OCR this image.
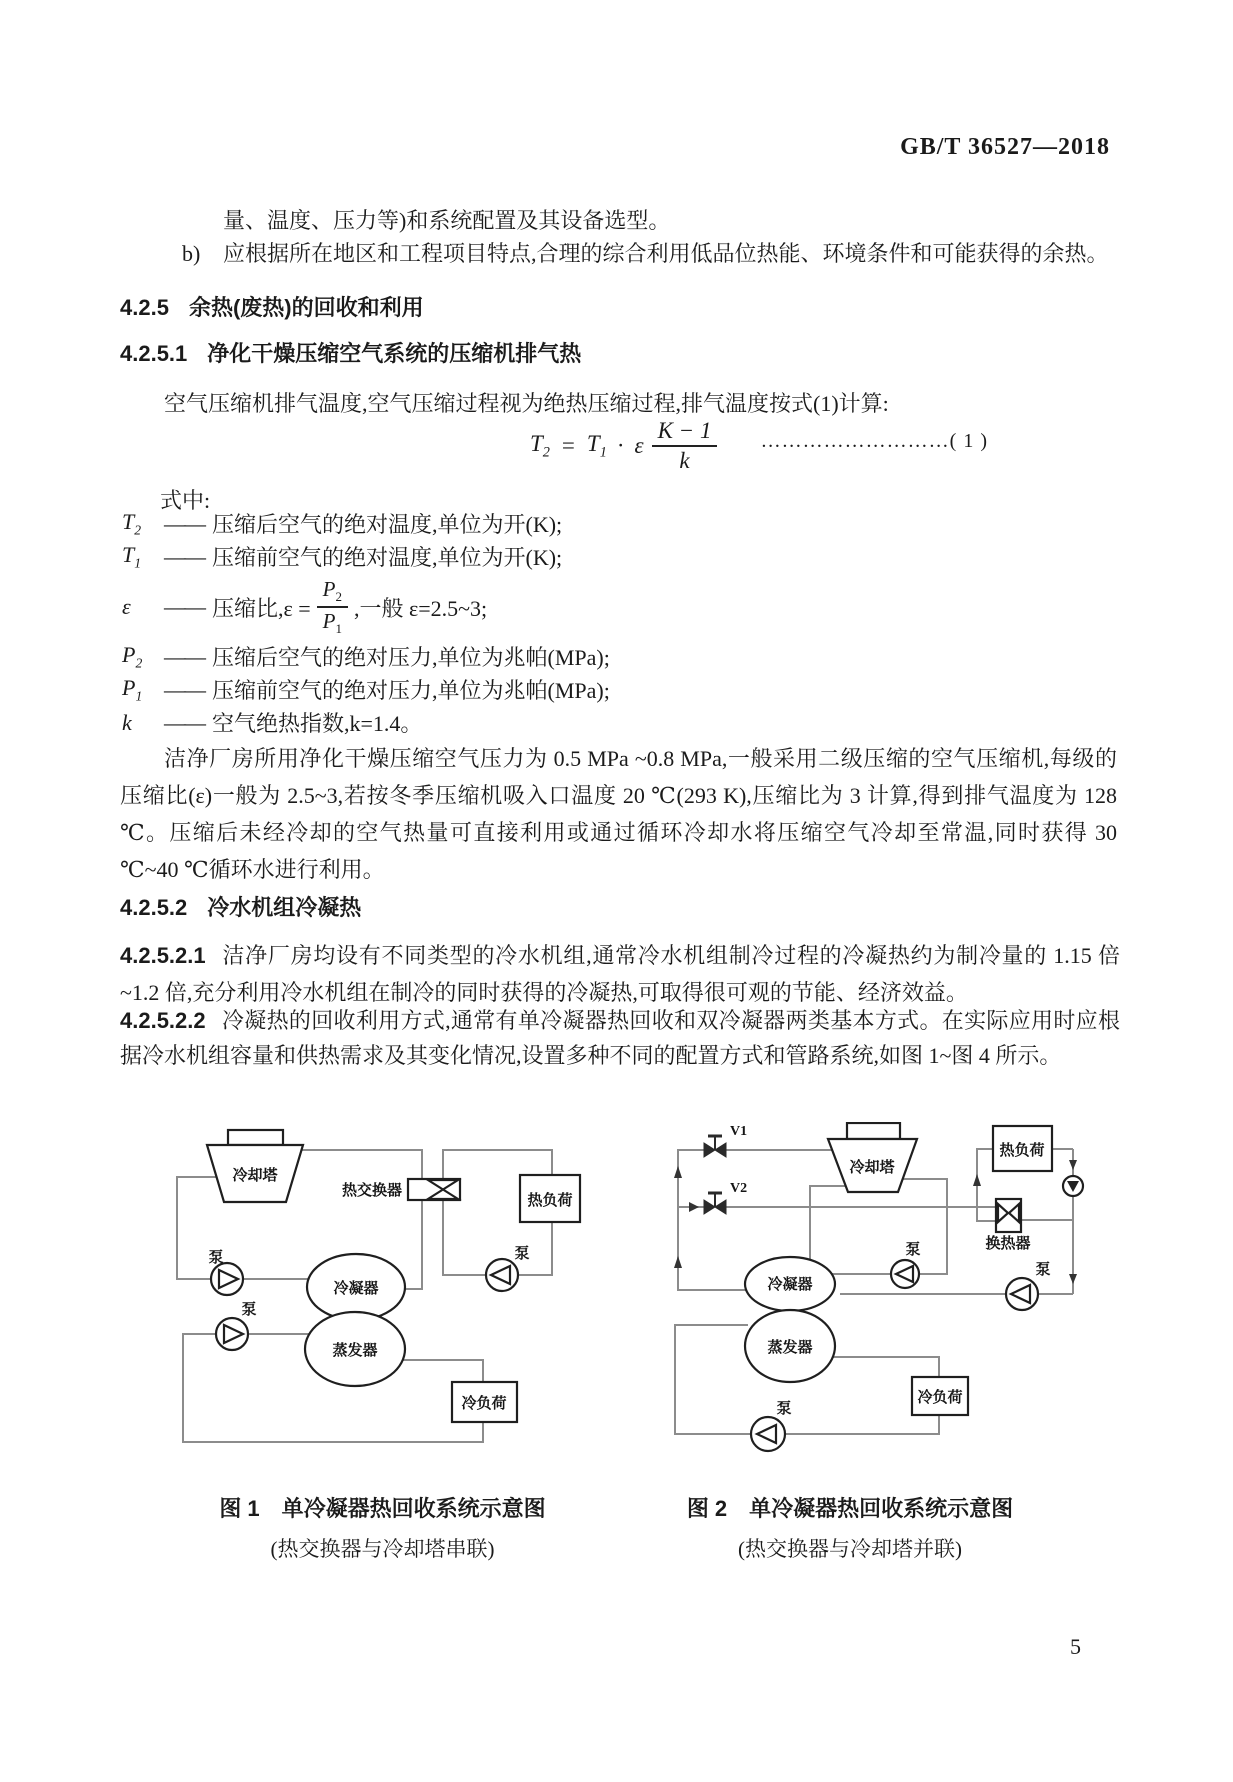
GB/T 36527—2018
量、温度、压力等)和系统配置及其设备选型。
b) 应根据所在地区和工程项目特点,合理的综合利用低品位热能、环境条件和可能获得的余热。
4.2.5 余热(废热)的回收和利用
4.2.5.1 净化干燥压缩空气系统的压缩机排气热
空气压缩机排气温度,空气压缩过程视为绝热压缩过程,排气温度按式(1)计算:
$T_2 = T_1 \cdot \varepsilon \frac{K - 1}{k}$ ………………………( 1 )
式中:
$T_2$	—— 压缩后空气的绝对温度,单位为开(K);
$T_1$	—— 压缩前空气的绝对温度,单位为开(K);
ε	—— 压缩比$,\varepsilon = \frac{P_2}{P_1}$ ,一般 ε=2.5~3;
$P_2$ —— 压缩后空气的绝对压力,单位为兆帕(MPa);
$P_1$ —— 压缩前空气的绝对压力,单位为兆帕(MPa);
k	—— 空气绝热指数,k=1.4。
洁净厂房所用净化干燥压缩空气压力为 0.5 MPa ~0.8 MPa,一般采用二级压缩的空气压缩机,每级的压缩比(ε)一般为 2.5~3,若按冬季压缩机吸入口温度 20 ℃(293 K),压缩比为 3 计算,得到排气温度为 128 ℃。压缩后未经冷却的空气热量可直接利用或通过循环冷却水将压缩空气冷却至常温,同时获得 30 ℃~40 ℃循环水进行利用。
4.2.5.2 冷水机组冷凝热
4.2.5.2.1 洁净厂房均设有不同类型的冷水机组,通常冷水机组制冷过程的冷凝热约为制冷量的 1.15 倍~1.2 倍,充分利用冷水机组在制冷的同时获得的冷凝热,可取得很可观的节能、经济效益。
4.2.5.2.2 冷凝热的回收利用方式,通常有单冷凝器热回收和双冷凝器两类基本方式。在实际应用时应根据冷水机组容量和供热需求及其变化情况,设置多种不同的配置方式和管路系统,如图 1~图 4 所示。
冷却塔
热交换器
热负荷
泵
泵
泵
冷凝器
蒸发器
冷负荷
V1
V2
冷却塔
热负荷
换热器
泵
泵
泵
冷凝器
蒸发器
冷负荷
图 1　单冷凝器热回收系统示意图
(热交换器与冷却塔串联)
图 2　单冷凝器热回收系统示意图
(热交换器与冷却塔并联)
5
